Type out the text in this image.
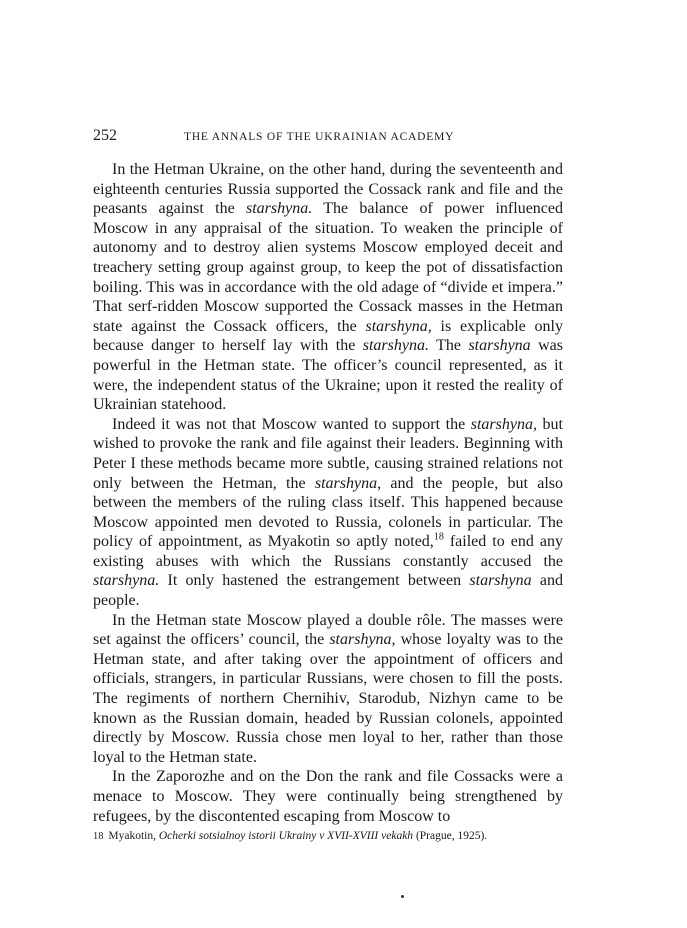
252	THE ANNALS OF THE UKRAINIAN ACADEMY

In the Hetman Ukraine, on the other hand, during the seventeenth and eighteenth centuries Russia supported the Cossack rank and file and the peasants against the starshyna. The balance of power influenced Moscow in any appraisal of the situation. To weaken the principle of autonomy and to destroy alien systems Moscow employed deceit and treachery setting group against group, to keep the pot of dissatisfaction boiling. This was in accordance with the old adage of “divide et impera.” That serf-ridden Moscow supported the Cossack masses in the Hetman state against the Cossack officers, the starshyna, is explicable only because danger to herself lay with the starshyna. The starshyna was powerful in the Hetman state. The officer’s council represented, as it were, the independent status of the Ukraine; upon it rested the reality of Ukrainian statehood.

Indeed it was not that Moscow wanted to support the starshyna, but wished to provoke the rank and file against their leaders. Beginning with Peter I these methods became more subtle, causing strained relations not only between the Hetman, the starshyna, and the people, but also between the members of the ruling class itself. This happened because Moscow appointed men devoted to Russia, colonels in particular. The policy of appointment, as Myakotin so aptly noted,$^{18}$ failed to end any existing abuses with which the Russians constantly accused the starshyna. It only hastened the estrangement between starshyna and people.

In the Hetman state Moscow played a double rôle. The masses were set against the officers’ council, the starshyna, whose loyalty was to the Hetman state, and after taking over the appointment of officers and officials, strangers, in particular Russians, were chosen to fill the posts. The regiments of northern Chernihiv, Starodub, Nizhyn came to be known as the Russian domain, headed by Russian colonels, appointed directly by Moscow. Russia chose men loyal to her, rather than those loyal to the Hetman state.

In the Zaporozhe and on the Don the rank and file Cossacks were a menace to Moscow. They were continually being strengthened by refugees, by the discontented escaping from Moscow to

18 Myakotin, Ocherki sotsialnoy istorii Ukrainy v XVII-XVIII vekakh (Prague, 1925).
